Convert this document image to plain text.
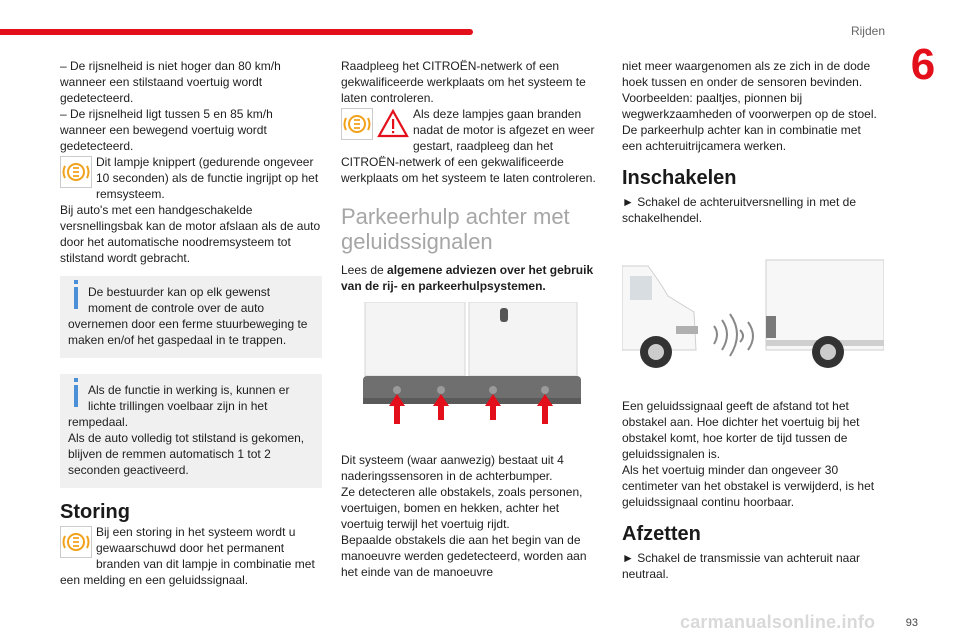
Rijden
6

– De rijsnelheid is niet hoger dan 80 km/h wanneer een stilstaand voertuig wordt gedetecteerd.

– De rijsnelheid ligt tussen 5 en 85 km/h wanneer een bewegend voertuig wordt gedetecteerd.

Dit lampje knippert (gedurende ongeveer 10 seconden) als de functie ingrijpt op het remsysteem.

Bij auto's met een handgeschakelde versnellingsbak kan de motor afslaan als de auto door het automatische noodremsysteem tot stilstand wordt gebracht.

De bestuurder kan op elk gewenst moment de controle over de auto overnemen door een ferme stuurbeweging te maken en/of het gaspedaal in te trappen.

Als de functie in werking is, kunnen er lichte trillingen voelbaar zijn in het rempedaal.

Als de auto volledig tot stilstand is gekomen, blijven de remmen automatisch 1 tot 2 seconden geactiveerd.

Storing

Bij een storing in het systeem wordt u gewaarschuwd door het permanent branden van dit lampje in combinatie met een melding en een geluidssignaal.

Raadpleeg het CITROËN-netwerk of een gekwalificeerde werkplaats om het systeem te laten controleren.

Als deze lampjes gaan branden nadat de motor is afgezet en weer gestart, raadpleeg dan het CITROËN-netwerk of een gekwalificeerde werkplaats om het systeem te laten controleren.

Parkeerhulp achter met geluidssignalen

Lees de algemene adviezen over het gebruik van de rij- en parkeerhulpsystemen.

Dit systeem (waar aanwezig) bestaat uit 4 naderingssensoren in de achterbumper.

Ze detecteren alle obstakels, zoals personen, voertuigen, bomen en hekken, achter het voertuig terwijl het voertuig rijdt.

Bepaalde obstakels die aan het begin van de manoeuvre werden gedetecteerd, worden aan het einde van de manoeuvre

niet meer waargenomen als ze zich in de dode hoek tussen en onder de sensoren bevinden. Voorbeelden: paaltjes, pionnen bij wegwerkzaamheden of voorwerpen op de stoel.

De parkeerhulp achter kan in combinatie met een achteruitrijcamera werken.

Inschakelen

► Schakel de achteruitversnelling in met de schakelhendel.

Een geluidssignaal geeft de afstand tot het obstakel aan. Hoe dichter het voertuig bij het obstakel komt, hoe korter de tijd tussen de geluidssignalen is.

Als het voertuig minder dan ongeveer 30 centimeter van het obstakel is verwijderd, is het geluidssignaal continu hoorbaar.

Afzetten

► Schakel de transmissie van achteruit naar neutraal.

carmanualsonline.info	93
